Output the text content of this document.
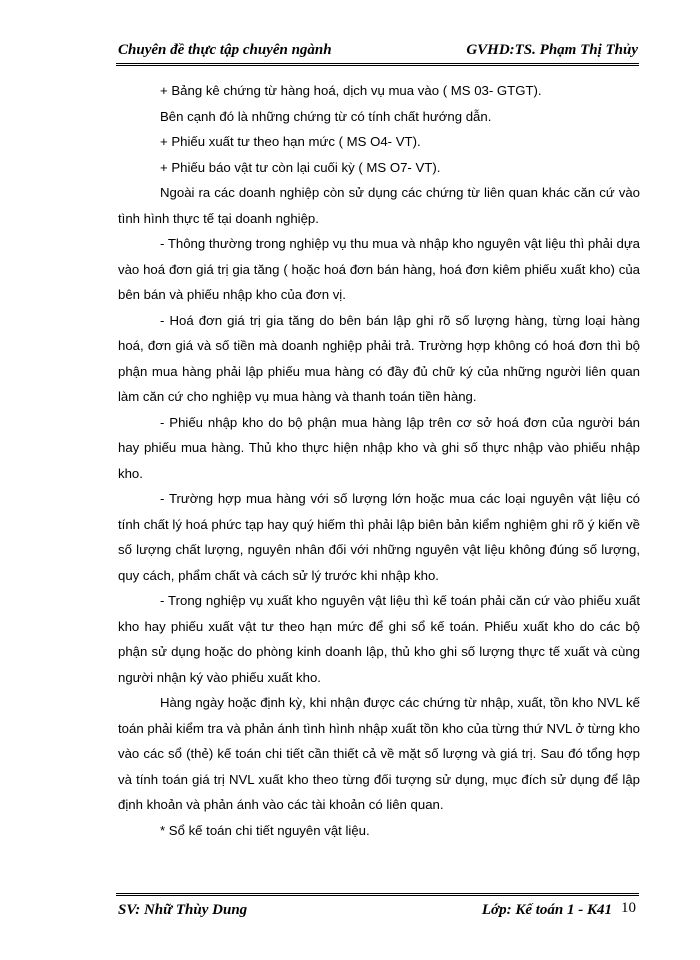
Chuyên đề thực tập chuyên ngành	GVHD:TS. Phạm Thị Thủy

+ Bảng kê chứng từ hàng hoá, dịch vụ mua vào ( MS 03- GTGT).

Bên cạnh đó là những chứng từ có tính chất hướng dẫn.

+ Phiếu xuất tư theo hạn mức ( MS O4- VT).

+ Phiếu báo vật tư còn lại cuối kỳ ( MS O7- VT).

Ngoài ra các doanh nghiệp còn sử dụng các chứng từ liên quan khác căn cứ vào tình hình thực tế tại doanh nghiệp.

- Thông thường trong nghiệp vụ thu mua và nhập kho nguyên vật liệu thì phải dựa vào hoá đơn giá trị gia tăng ( hoặc hoá đơn bán hàng, hoá đơn kiêm phiếu xuất kho) của bên bán và phiếu nhập kho của đơn vị.

- Hoá đơn giá trị gia tăng do bên bán lập ghi rõ số lượng hàng, từng loại hàng hoá, đơn giá và số tiền mà doanh nghiệp phải trả. Trường hợp không có hoá đơn thì bộ phận mua hàng phải lập phiếu mua hàng có đầy đủ chữ ký của những người liên quan làm căn cứ cho nghiệp vụ mua hàng và thanh toán tiền hàng.

- Phiếu nhập kho do bộ phận mua hàng lập trên cơ sở hoá đơn của người bán hay phiếu mua hàng. Thủ kho thực hiện nhập kho và ghi số thực nhập vào phiếu nhập kho.

- Trường hợp mua hàng với số lượng lớn hoặc mua các loại nguyên vật liệu có tính chất lý hoá phức tạp hay quý hiếm thì phải lập biên bản kiểm nghiệm ghi rõ ý kiến về số lượng chất lượng, nguyên nhân đối với những nguyên vật liệu không đúng số lượng, quy cách, phẩm chất và cách sử lý trước khi nhập kho.

- Trong nghiệp vụ xuất kho nguyên vật liệu thì kế toán phải căn cứ vào phiếu xuất kho hay phiếu xuất vật tư theo hạn mức để ghi sổ kế toán. Phiếu xuất kho do các bộ phận sử dụng hoặc do phòng kinh doanh lập, thủ kho ghi số lượng thực tế xuất và cùng người nhận ký vào phiếu xuất kho.

Hàng ngày hoặc định kỳ, khi nhận được các chứng từ nhập, xuất, tồn kho NVL kế toán phải kiểm tra và phản ánh tình hình nhập xuất tồn kho của từng thứ NVL ở từng kho vào các sổ (thẻ) kế toán chi tiết cần thiết cả về mặt số lượng và giá trị. Sau đó tổng hợp và tính toán giá trị NVL xuất kho theo từng đối tượng sử dụng, mục đích sử dụng để lập định khoản và phản ánh vào các tài khoản có liên quan.

* Sổ kế toán chi tiết nguyên vật liệu.

SV: Nhữ Thùy Dung	Lớp: Kế toán 1 - K41 10
